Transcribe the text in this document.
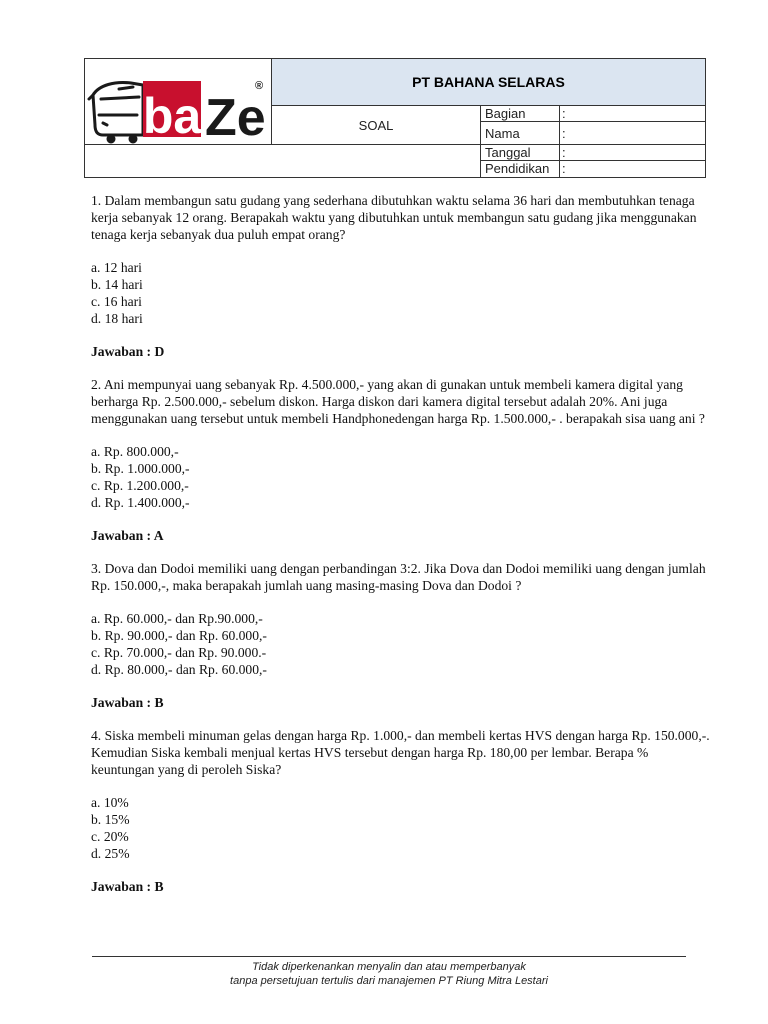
ba Ze
®	PT BAHANA SELARAS
SOAL
Bagian	:
Nama	:
Tanggal :
Pendidikan :

1. Dalam membangun satu gudang yang sederhana dibutuhkan waktu selama 36 hari dan membutuhkan tenaga kerja sebanyak 12 orang. Berapakah waktu yang dibutuhkan untuk membangun satu gudang jika menggunakan tenaga kerja sebanyak dua puluh empat orang?

a. 12 hari
b. 14 hari
c. 16 hari
d. 18 hari

Jawaban : D

2. Ani mempunyai uang sebanyak Rp. 4.500.000,- yang akan di gunakan untuk membeli kamera digital yang berharga Rp. 2.500.000,- sebelum diskon. Harga diskon dari kamera digital tersebut adalah 20%. Ani juga menggunakan uang tersebut untuk membeli Handphonedengan harga Rp. 1.500.000,- . berapakah sisa uang ani ?

a. Rp. 800.000,-
b. Rp. 1.000.000,-
c. Rp. 1.200.000,-
d. Rp. 1.400.000,-

Jawaban : A

3. Dova dan Dodoi memiliki uang dengan perbandingan 3:2. Jika Dova dan Dodoi memiliki uang dengan jumlah Rp. 150.000,-, maka berapakah jumlah uang masing-masing Dova dan Dodoi ?

a. Rp. 60.000,- dan Rp.90.000,-
b. Rp. 90.000,- dan Rp. 60.000,-
c. Rp. 70.000,- dan Rp. 90.000.-
d. Rp. 80.000,- dan Rp. 60.000,-

Jawaban : B

4. Siska membeli minuman gelas dengan harga Rp. 1.000,- dan membeli kertas HVS dengan harga Rp. 150.000,-. Kemudian Siska kembali menjual kertas HVS tersebut dengan harga Rp. 180,00 per lembar. Berapa % keuntungan yang di peroleh Siska?

a. 10%
b. 15%
c. 20%
d. 25%

Jawaban : B

Tidak diperkenankan menyalin dan atau memperbanyak
tanpa persetujuan tertulis dari manajemen PT Riung Mitra Lestari
